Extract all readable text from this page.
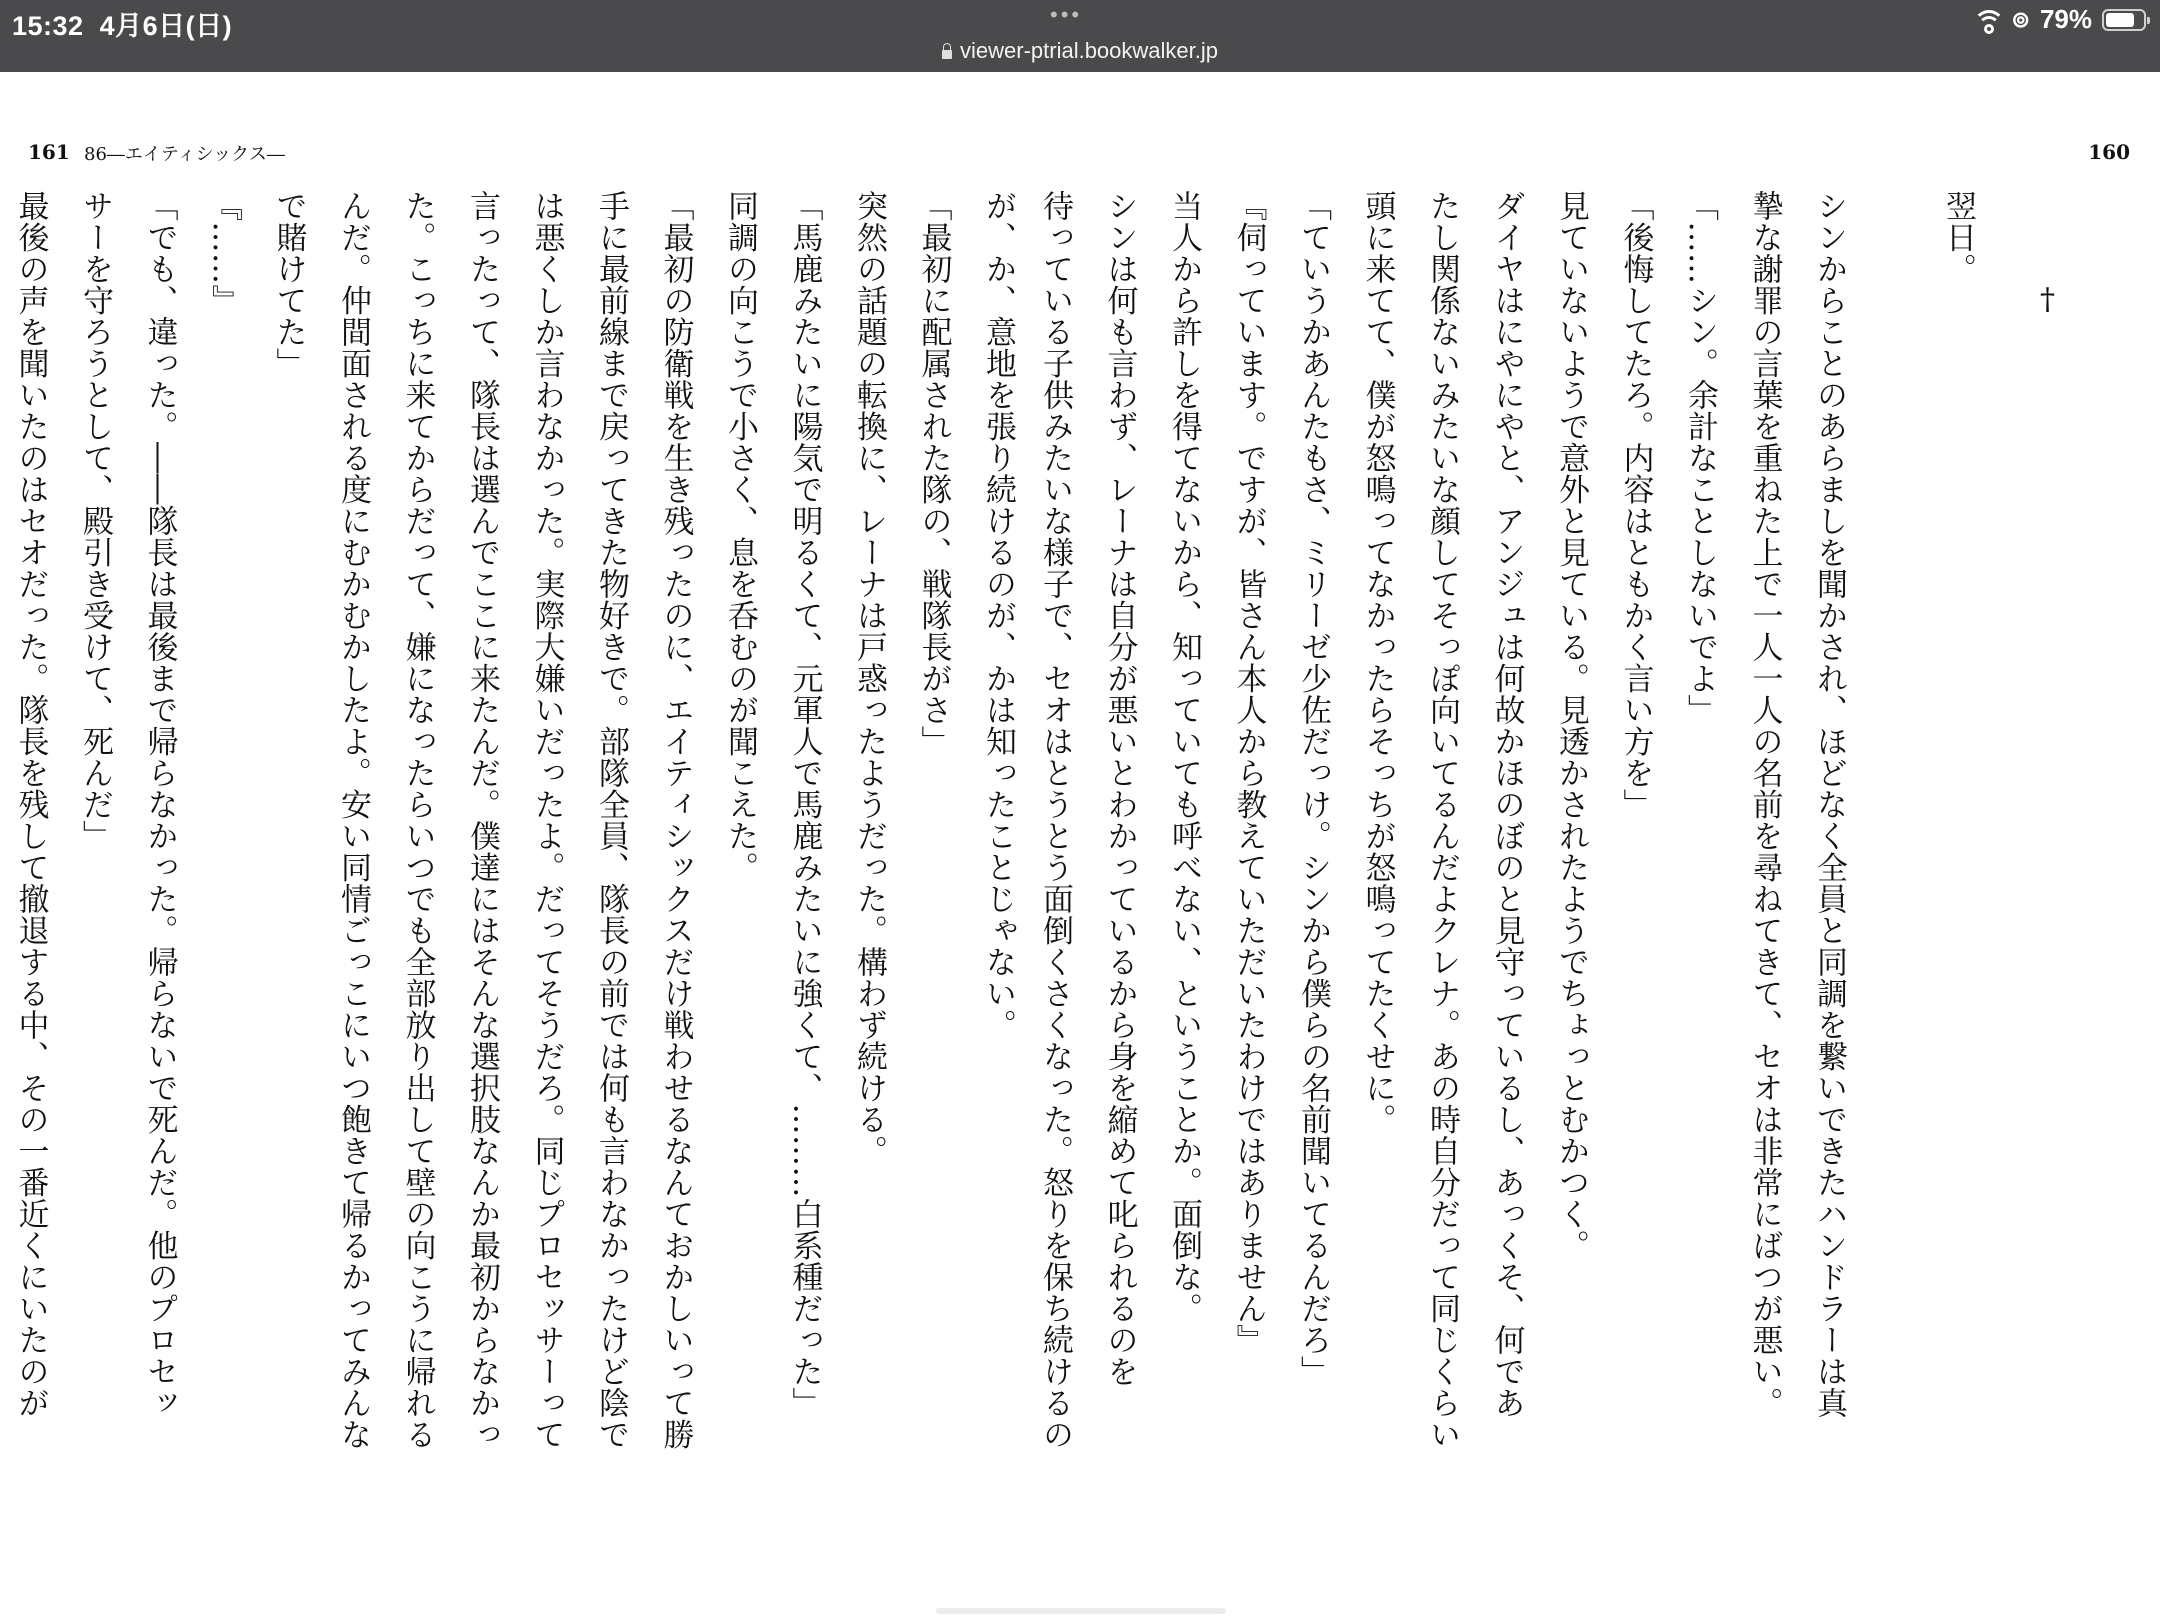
15:32 4月6日(日)	•••
viewer-ptrial.bookwalker.jp
⊚ 79%
161 86―エイティシックス―	160
†
翌日。
シンからことのあらましを聞かされ、ほどなく全員と同調を繋いできたハンドラーは真
摯な謝罪の言葉を重ねた上で一人一人の名前を尋ねてきて、セオは非常にばつが悪い。
「……シン。余計なことしないでよ」
「後悔してたろ。内容はともかく言い方を」
見ていないようで意外と見ている。見透かされたようでちょっとむかつく。
ダイヤはにやにやと、アンジュは何故かほのぼのと見守っているし、あっくそ、何であ
たし関係ないみたいな顔してそっぽ向いてるんだよクレナ。あの時自分だって同じくらい
頭に来てて、僕が怒鳴ってなかったらそっちが怒鳴ってたくせに。
「ていうかあんたもさ、ミリーゼ少佐だっけ。シンから僕らの名前聞いてるんだろ」
『伺っています。ですが、皆さん本人から教えていただいたわけではありません』
当人から許しを得てないから、知っていても呼べない、ということか。面倒な。
シンは何も言わず、レーナは自分が悪いとわかっているから身を縮めて叱られるのを
待っている子供みたいな様子で、セオはとうとう面倒くさくなった。怒りを保ち続けるの
が、か、意地を張り続けるのが、かは知ったことじゃない。
「最初に配属された隊の、戦隊長がさ」
突然の話題の転換に、レーナは戸惑ったようだった。構わず続ける。
「馬鹿みたいに陽気で明るくて、元軍人で馬鹿みたいに強くて、………白系種だった」
同調の向こうで小さく、息を呑むのが聞こえた。
「最初の防衛戦を生き残ったのに、エイティシックスだけ戦わせるなんておかしいって勝
手に最前線まで戻ってきた物好きで。部隊全員、隊長の前では何も言わなかったけど陰で
は悪くしか言わなかった。実際大嫌いだったよ。だってそうだろ。同じプロセッサーって
言ったって、隊長は選んでここに来たんだ。僕達にはそんな選択肢なんか最初からなかっ
た。こっちに来てからだって、嫌になったらいつでも全部放り出して壁の向こうに帰れる
んだ。仲間面される度にむかむかしたよ。安い同情ごっこにいつ飽きて帰るかってみんな
で賭けてた」
『……』
「でも、違った。――隊長は最後まで帰らなかった。帰らないで死んだ。他のプロセッ
サーを守ろうとして、殿引き受けて、死んだ」
最後の声を聞いたのはセオだった。隊長を残して撤退する中、その一番近くにいたのが
